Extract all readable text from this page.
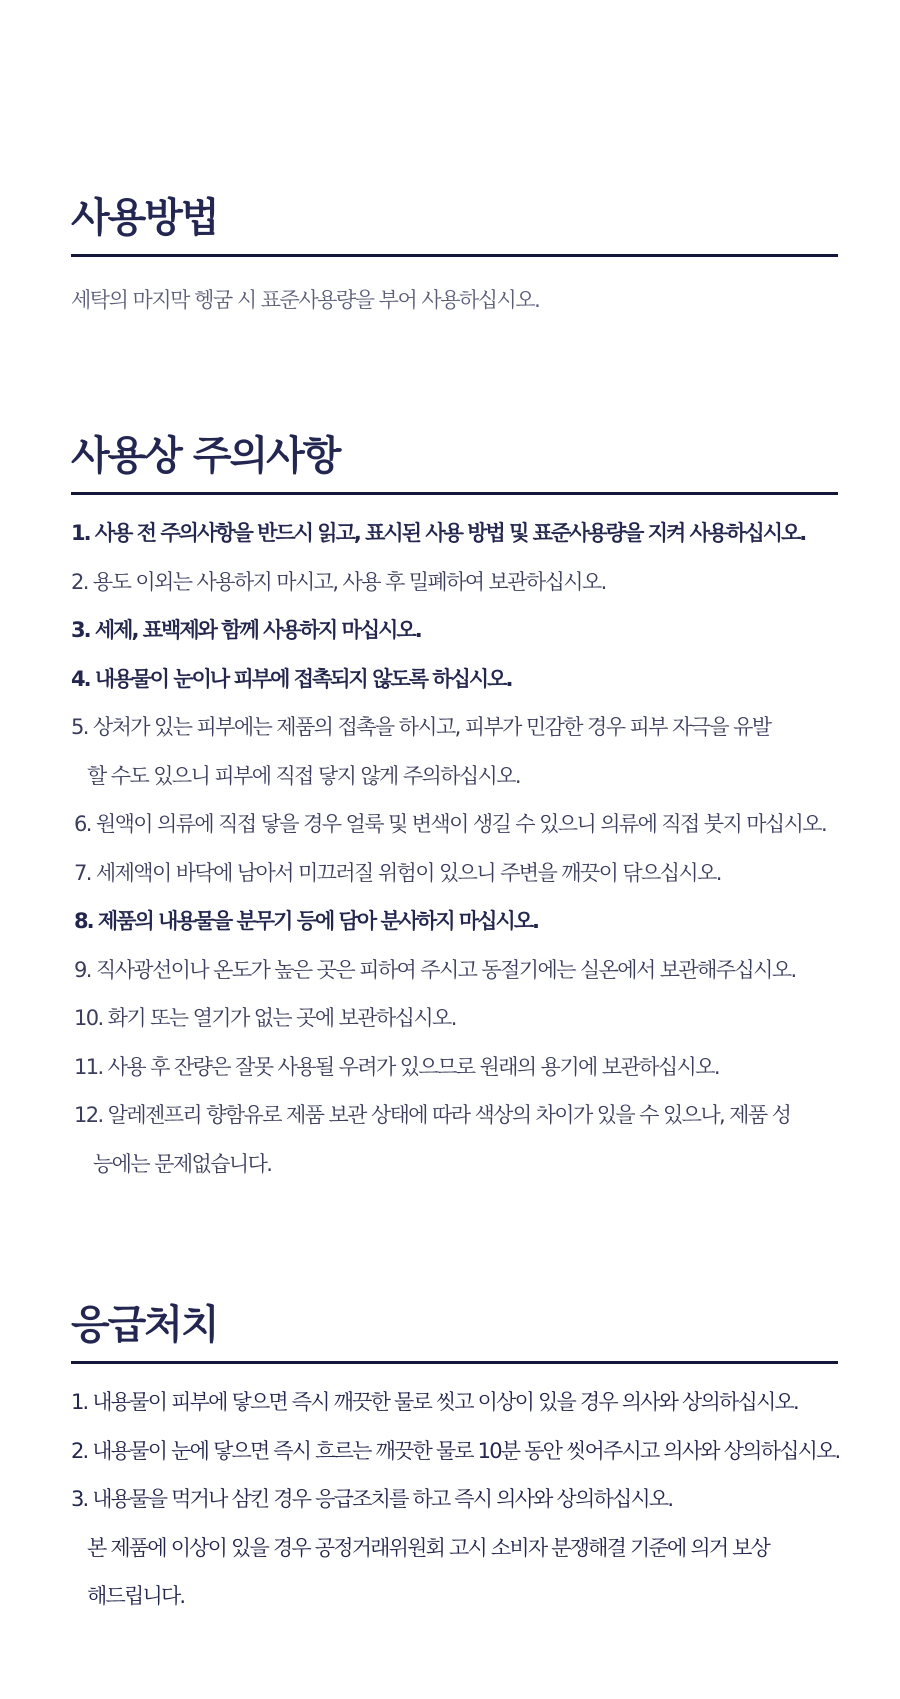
사용방법

세탁의 마지막 헹굼 시 표준사용량을 부어 사용하십시오.

사용상 주의사항
1. 사용 전 주의사항을 반드시 읽고, 표시된 사용 방법 및 표준사용량을 지켜 사용하십시오.
2. 용도 이외는 사용하지 마시고, 사용 후 밀폐하여 보관하십시오.
3. 세제, 표백제와 함께 사용하지 마십시오.
4. 내용물이 눈이나 피부에 접촉되지 않도록 하십시오.
5. 상처가 있는 피부에는 제품의 접촉을 하시고, 피부가 민감한 경우 피부 자극을 유발
할 수도 있으니 피부에 직접 닿지 않게 주의하십시오.
6. 원액이 의류에 직접 닿을 경우 얼룩 및 변색이 생길 수 있으니 의류에 직접 붓지 마십시오.
7. 세제액이 바닥에 남아서 미끄러질 위험이 있으니 주변을 깨끗이 닦으십시오.
8. 제품의 내용물을 분무기 등에 담아 분사하지 마십시오.
9. 직사광선이나 온도가 높은 곳은 피하여 주시고 동절기에는 실온에서 보관해주십시오.
10. 화기 또는 열기가 없는 곳에 보관하십시오.
11. 사용 후 잔량은 잘못 사용될 우려가 있으므로 원래의 용기에 보관하십시오.
12. 알레젠프리 향함유로 제품 보관 상태에 따라 색상의 차이가 있을 수 있으나, 제품 성
능에는 문제없습니다.
응급처치
1. 내용물이 피부에 닿으면 즉시 깨끗한 물로 씻고 이상이 있을 경우 의사와 상의하십시오.
2. 내용물이 눈에 닿으면 즉시 흐르는 깨끗한 물로 10분 동안 씻어주시고 의사와 상의하십시오.
3. 내용물을 먹거나 삼킨 경우 응급조치를 하고 즉시 의사와 상의하십시오.
본 제품에 이상이 있을 경우 공정거래위원회 고시 소비자 분쟁해결 기준에 의거 보상
해드립니다.
